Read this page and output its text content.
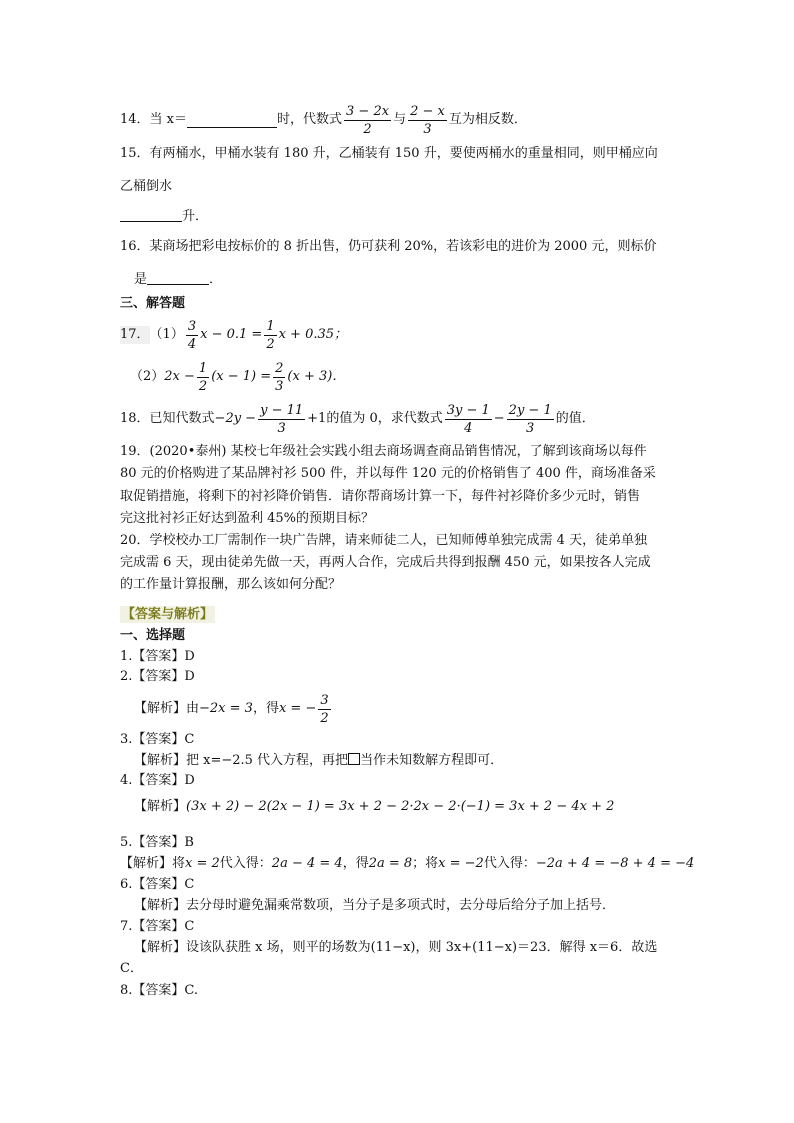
14．当 x＝	时，代数式 $\frac{3 - 2x}{2}$ 与 $\frac{2 - x}{3}$ 互为相反数．
15．有两桶水，甲桶水装有 180 升，乙桶装有 150 升，要使两桶水的重量相同，则甲桶应向
乙桶倒水
升．
16．某商场把彩电按标价的 8 折出售，仍可获利 20%，若该彩电的进价为 2000 元，则标价
是	．
三、解答题
17． $(1) \frac{3}{4}$ $x - 0.1 = \frac{1}{2}$ x + 0.35；
（2） $2x - \frac{1}{2} (x - 1) = \frac{2}{3} (x + 3)$．
18．已知代数式 $-2y - \frac{y - 11}{3} +1$ 的值为 0，求代数式 $\frac{3y - 1}{4} - \frac{2y - 1}{3}$ 的值．
19．(2020•泰州) 某校七年级社会实践小组去商场调查商品销售情况，了解到该商场以每件
80 元的价格购进了某品牌衬衫 500 件，并以每件 120 元的价格销售了 400 件，商场准备采
取促销措施，将剩下的衬衫降价销售．请你帮商场计算一下，每件衬衫降价多少元时，销售
完这批衬衫正好达到盈利 45%的预期目标？
20．学校校办工厂需制作一块广告牌，请来师徒二人，已知师傅单独完成需 4 天，徒弟单独
完成需 6 天，现由徒弟先做一天，再两人合作，完成后共得到报酬 450 元，如果按各人完成
的工作量计算报酬，那么该如何分配？
【答案与解析】
一、选择题
1.【答案】D
2.【答案】D
【解析】由 −2x = 3 ，得 x = − $\frac{3}{2}$
3.【答案】C
【解析】把 x=−2.5 代入方程，再把 当作未知数解方程即可．
4.【答案】D
【解析】(3x + 2) − 2(2x − 1) = 3x + 2 − 2·2x − 2·(−1) = 3x + 2 − 4x + 2
5.【答案】B
【解析】将x = 2代入得：2a − 4 = 4，得2a = 8；将x = −2代入得：−2a + 4 = −8 + 4 = −4
6.【答案】C
【解析】去分母时避免漏乘常数项，当分子是多项式时，去分母后给分子加上括号．
7.【答案】C
【解析】设该队获胜 x 场，则平的场数为(11−x)，则 3x+(11−x)＝23．解得 x＝6．故选
C．
8.【答案】C.
